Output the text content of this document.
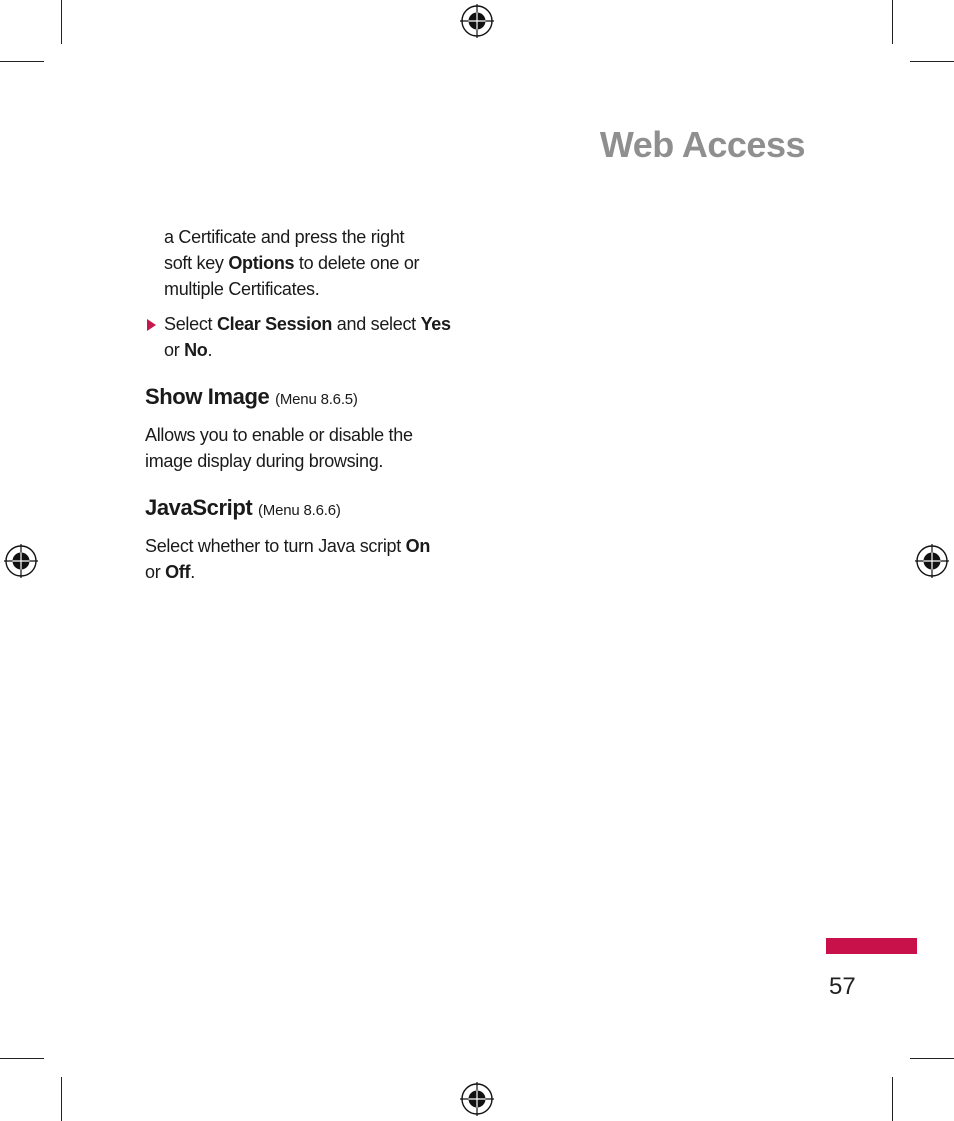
Web Access

a Certificate and press the right

soft key Options to delete one or

multiple Certificates.

Select Clear Session and select Yes

or No.

Show Image (Menu 8.6.5)

Allows you to enable or disable the

image display during browsing.

JavaScript (Menu 8.6.6)

Select whether to turn Java script On

or Off.

57
